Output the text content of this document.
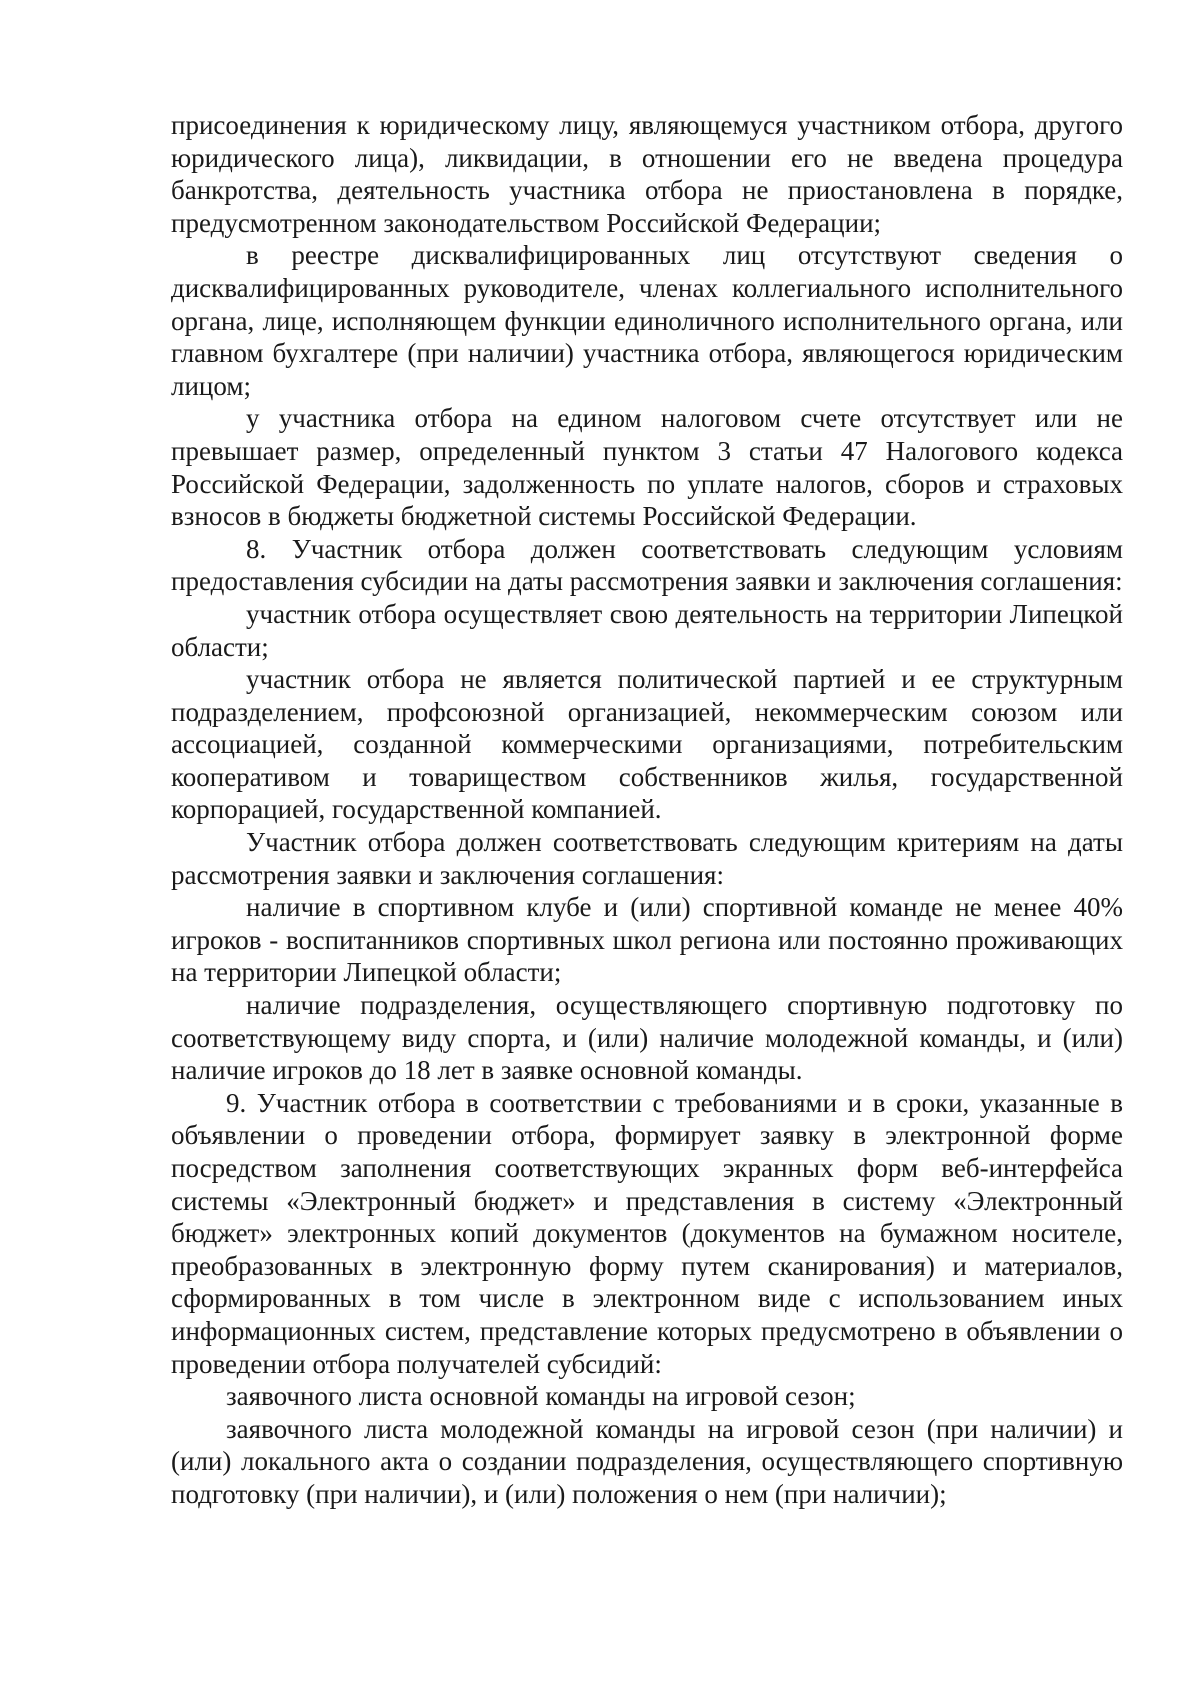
присоединения к юридическому лицу, являющемуся участником отбора, другого юридического лица), ликвидации, в отношении его не введена процедура банкротства, деятельность участника отбора не приостановлена в порядке, предусмотренном законодательством Российской Федерации;

в реестре дисквалифицированных лиц отсутствуют сведения о дисквалифицированных руководителе, членах коллегиального исполнительного органа, лице, исполняющем функции единоличного исполнительного органа, или главном бухгалтере (при наличии) участника отбора, являющегося юридическим лицом;

у участника отбора на едином налоговом счете отсутствует или не превышает размер, определенный пунктом 3 статьи 47 Налогового кодекса Российской Федерации, задолженность по уплате налогов, сборов и страховых взносов в бюджеты бюджетной системы Российской Федерации.

8. Участник отбора должен соответствовать следующим условиям предоставления субсидии на даты рассмотрения заявки и заключения соглашения:

участник отбора осуществляет свою деятельность на территории Липецкой области;

участник отбора не является политической партией и ее структурным подразделением, профсоюзной организацией, некоммерческим союзом или ассоциацией, созданной коммерческими организациями, потребительским кооперативом и товариществом собственников жилья, государственной корпорацией, государственной компанией.

Участник отбора должен соответствовать следующим критериям на даты рассмотрения заявки и заключения соглашения:

наличие в спортивном клубе и (или) спортивной команде не менее 40% игроков - воспитанников спортивных школ региона или постоянно проживающих на территории Липецкой области;

наличие подразделения, осуществляющего спортивную подготовку по соответствующему виду спорта, и (или) наличие молодежной команды, и (или) наличие игроков до 18 лет в заявке основной команды.

9. Участник отбора в соответствии с требованиями и в сроки, указанные в объявлении о проведении отбора, формирует заявку в электронной форме посредством заполнения соответствующих экранных форм веб-интерфейса системы «Электронный бюджет» и представления в систему «Электронный бюджет» электронных копий документов (документов на бумажном носителе, преобразованных в электронную форму путем сканирования) и материалов, сформированных в том числе в электронном виде с использованием иных информационных систем, представление которых предусмотрено в объявлении о проведении отбора получателей субсидий:

заявочного листа основной команды на игровой сезон;

заявочного листа молодежной команды на игровой сезон (при наличии) и (или) локального акта о создании подразделения, осуществляющего спортивную подготовку (при наличии), и (или) положения о нем (при наличии);
